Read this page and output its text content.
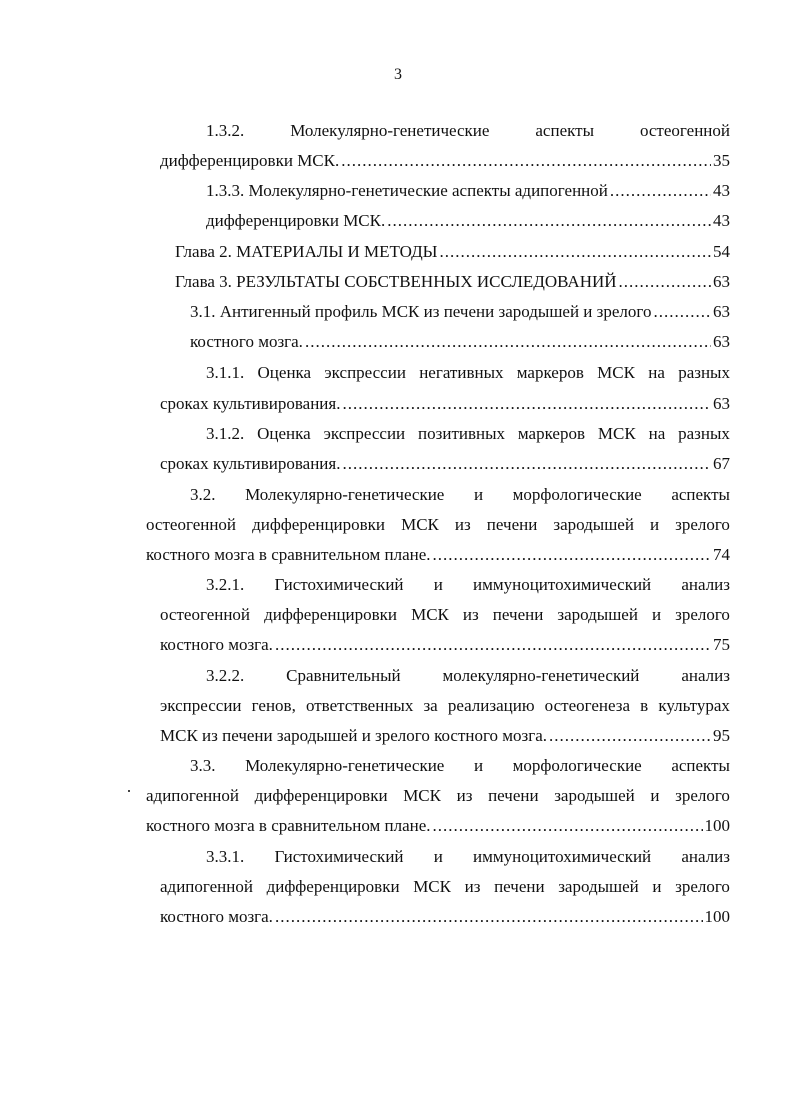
3
1.3.2.	Молекулярно-генетические	аспекты	остеогенной
дифференцировки МСК. .....	35
1.3.3. Молекулярно-генетические аспекты адипогенной .....	43
дифференцировки МСК. .....	43
Глава 2. МАТЕРИАЛЫ И МЕТОДЫ .....	54
Глава 3. РЕЗУЛЬТАТЫ СОБСТВЕННЫХ ИССЛЕДОВАНИЙ .....	63
3.1. Антигенный профиль МСК из печени зародышей и зрелого .....	63
костного мозга. .....	63
3.1.1. Оценка экспрессии негативных маркеров МСК на разных
сроках культивирования. .....	63
3.1.2. Оценка экспрессии позитивных маркеров МСК на разных
сроках культивирования. .....	67
3.2. Молекулярно-генетические и морфологические аспекты
остеогенной дифференцировки МСК из печени зародышей и зрелого
костного мозга в сравнительном плане. .....	74
3.2.1. Гистохимический и иммуноцитохимический анализ
остеогенной дифференцировки МСК из печени зародышей и зрелого
костного мозга. .....	75
3.2.2. Сравнительный молекулярно-генетический анализ
экспрессии генов, ответственных за реализацию остеогенеза в культурах
МСК из печени зародышей и зрелого костного мозга. .....	95
3.3. Молекулярно-генетические и морфологические аспекты
адипогенной дифференцировки МСК из печени зародышей и зрелого
костного мозга в сравнительном плане. .....	100
3.3.1. Гистохимический и иммуноцитохимический анализ
адипогенной дифференцировки МСК из печени зародышей и зрелого
костного мозга. .....	100
